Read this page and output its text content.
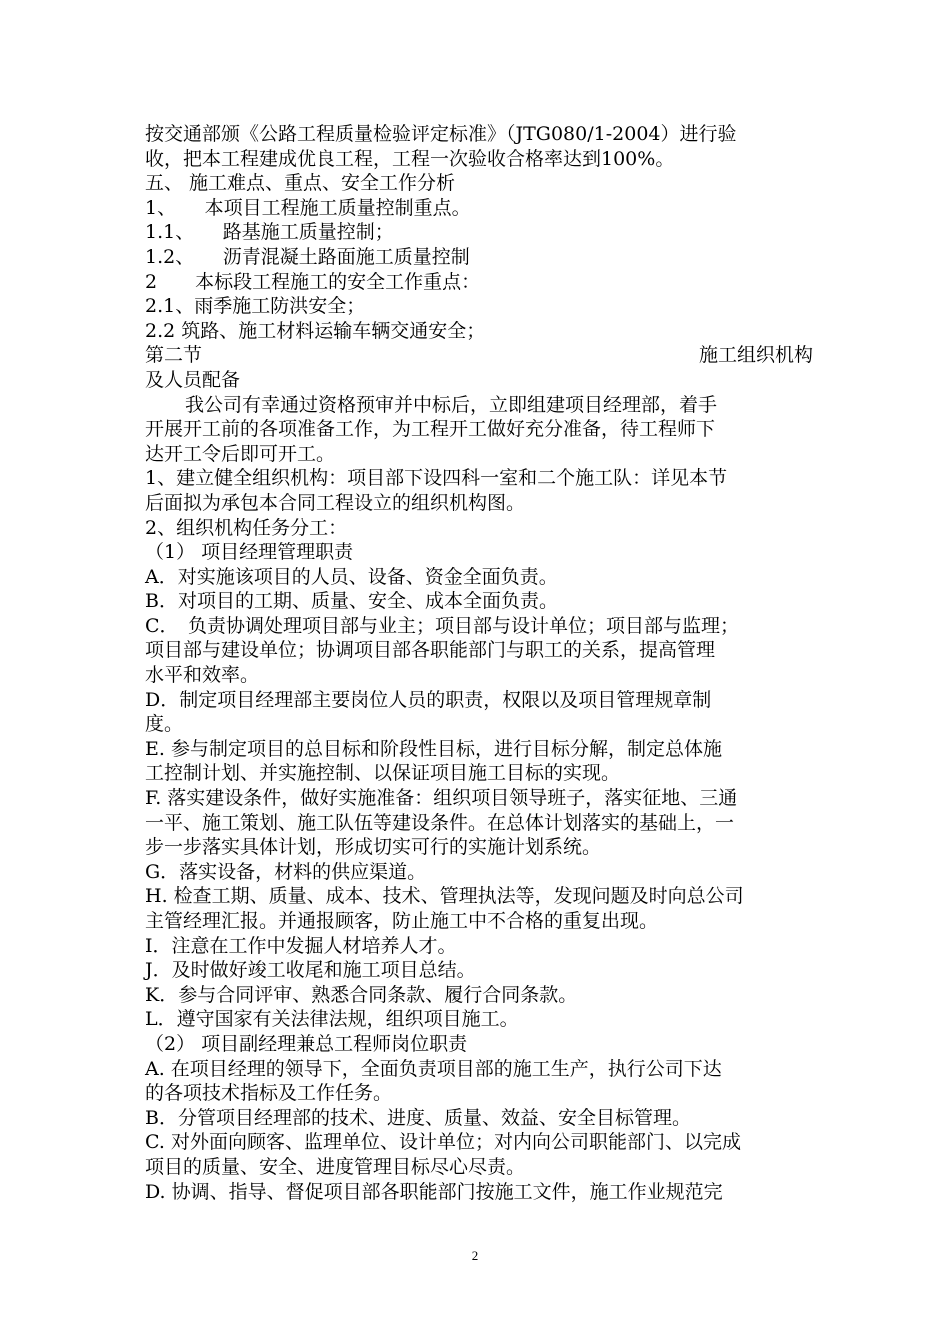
按交通部颁《公路工程质量检验评定标准》（JTG080/1-2004）进行验
收，把本工程建成优良工程，工程一次验收合格率达到100%。
五、 施工难点、重点、安全工作分析
1、　　本项目工程施工质量控制重点。
1.1、　　路基施工质量控制；
1.2、　　沥青混凝土路面施工质量控制
2　　本标段工程施工的安全工作重点：
2.1、雨季施工防洪安全；
2.2 筑路、施工材料运输车辆交通安全；
第二节	施工组织机构
及人员配备
我公司有幸通过资格预审并中标后，立即组建项目经理部，着手
开展开工前的各项准备工作，为工程开工做好充分准备，待工程师下
达开工令后即可开工。
1、建立健全组织机构：项目部下设四科一室和二个施工队：详见本节
后面拟为承包本合同工程设立的组织机构图。
2、组织机构任务分工：
（1） 项目经理管理职责
A．对实施该项目的人员、设备、资金全面负责。
B．对项目的工期、质量、安全、成本全面负责。
C．　负责协调处理项目部与业主；项目部与设计单位；项目部与监理；
项目部与建设单位；协调项目部各职能部门与职工的关系，提高管理
水平和效率。
D．制定项目经理部主要岗位人员的职责，权限以及项目管理规章制
度。
E. 参与制定项目的总目标和阶段性目标，进行目标分解，制定总体施
工控制计划、并实施控制、以保证项目施工目标的实现。
F. 落实建设条件，做好实施准备：组织项目领导班子，落实征地、三通
一平、施工策划、施工队伍等建设条件。在总体计划落实的基础上，一
步一步落实具体计划，形成切实可行的实施计划系统。
G．落实设备，材料的供应渠道。
H. 检查工期、质量、成本、技术、管理执法等，发现问题及时向总公司
主管经理汇报。并通报顾客，防止施工中不合格的重复出现。
I．注意在工作中发掘人材培养人才。
J．及时做好竣工收尾和施工项目总结。
K．参与合同评审、熟悉合同条款、履行合同条款。
L．遵守国家有关法律法规，组织项目施工。
（2） 项目副经理兼总工程师岗位职责
A. 在项目经理的领导下，全面负责项目部的施工生产，执行公司下达
的各项技术指标及工作任务。
B．分管项目经理部的技术、进度、质量、效益、安全目标管理。
C. 对外面向顾客、监理单位、设计单位；对内向公司职能部门、以完成
项目的质量、安全、进度管理目标尽心尽责。
D. 协调、指导、督促项目部各职能部门按施工文件，施工作业规范完
2
